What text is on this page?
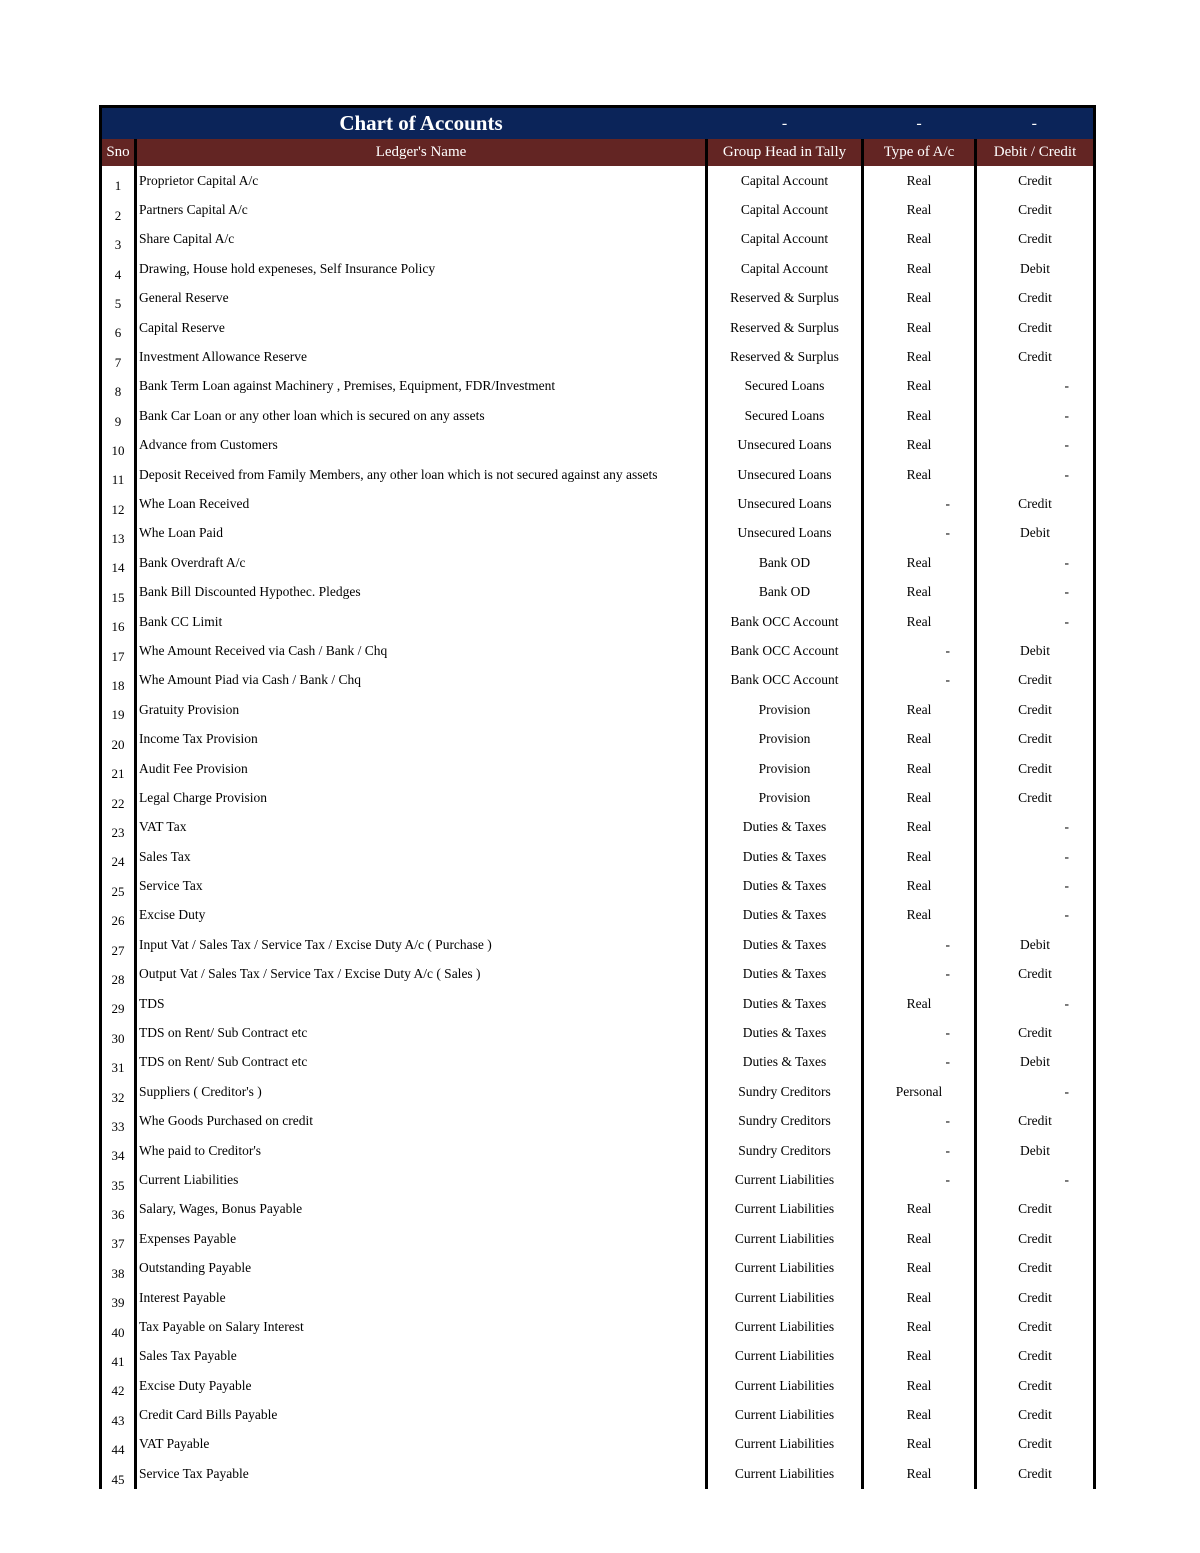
	Chart of Accounts	-	-	-
Sno	Ledger's Name	Group Head in Tally	Type of A/c	Debit / Credit
1	Proprietor Capital A/c	Capital Account	Real	Credit
2	Partners Capital A/c	Capital Account	Real	Credit
3	Share Capital A/c	Capital Account	Real	Credit
4	Drawing, House hold expeneses, Self Insurance Policy	Capital Account	Real	Debit
5	General Reserve	Reserved & Surplus	Real	Credit
6	Capital Reserve	Reserved & Surplus	Real	Credit
7	Investment Allowance Reserve	Reserved & Surplus	Real	Credit
8	Bank Term Loan against Machinery , Premises, Equipment, FDR/Investment	Secured Loans	Real	-

9	Bank Car Loan or any other loan which is secured on any assets	Secured Loans	Real	-

10	Advance from Customers	Unsecured Loans	Real	-

11	Deposit Received from Family Members, any other loan which is not secured against any assets	Unsecured Loans	Real	-

12	Whe Loan Received	Unsecured Loans	-	Credit
13	Whe Loan Paid	Unsecured Loans	-	Debit
14	Bank Overdraft A/c	Bank OD	Real	-

15	Bank Bill Discounted Hypothec. Pledges	Bank OD	Real	-

16	Bank CC Limit	Bank OCC Account	Real	-

17	Whe Amount Received via Cash / Bank / Chq	Bank OCC Account	-	Debit
18	Whe Amount Piad via Cash / Bank / Chq	Bank OCC Account	-	Credit
19	Gratuity Provision	Provision	Real	Credit
20	Income Tax Provision	Provision	Real	Credit
21	Audit Fee Provision	Provision	Real	Credit
22	Legal Charge Provision	Provision	Real	Credit
23	VAT Tax	Duties & Taxes	Real	-

24	Sales Tax	Duties & Taxes	Real	-

25	Service Tax	Duties & Taxes	Real	-

26	Excise Duty	Duties & Taxes	Real	-

27	Input Vat / Sales Tax / Service Tax / Excise Duty A/c ( Purchase )	Duties & Taxes	-	Debit
28	Output Vat / Sales Tax / Service Tax / Excise Duty A/c ( Sales )	Duties & Taxes	-	Credit
29	TDS	Duties & Taxes	Real	-

30	TDS on Rent/ Sub Contract etc	Duties & Taxes	-	Credit
31	TDS on Rent/ Sub Contract etc	Duties & Taxes	-	Debit
32	Suppliers ( Creditor's )	Sundry Creditors	Personal	-

33	Whe Goods Purchased on credit	Sundry Creditors	-	Credit
34	Whe paid to Creditor's	Sundry Creditors	-	Debit
35	Current Liabilities	Current Liabilities	-	-

36	Salary, Wages, Bonus Payable	Current Liabilities	Real	Credit
37	Expenses Payable	Current Liabilities	Real	Credit
38	Outstanding Payable	Current Liabilities	Real	Credit
39	Interest Payable	Current Liabilities	Real	Credit
40	Tax Payable on Salary Interest	Current Liabilities	Real	Credit
41	Sales Tax Payable	Current Liabilities	Real	Credit
42	Excise Duty Payable	Current Liabilities	Real	Credit
43	Credit Card Bills Payable	Current Liabilities	Real	Credit
44	VAT Payable	Current Liabilities	Real	Credit
45	Service Tax Payable	Current Liabilities	Real	Credit
